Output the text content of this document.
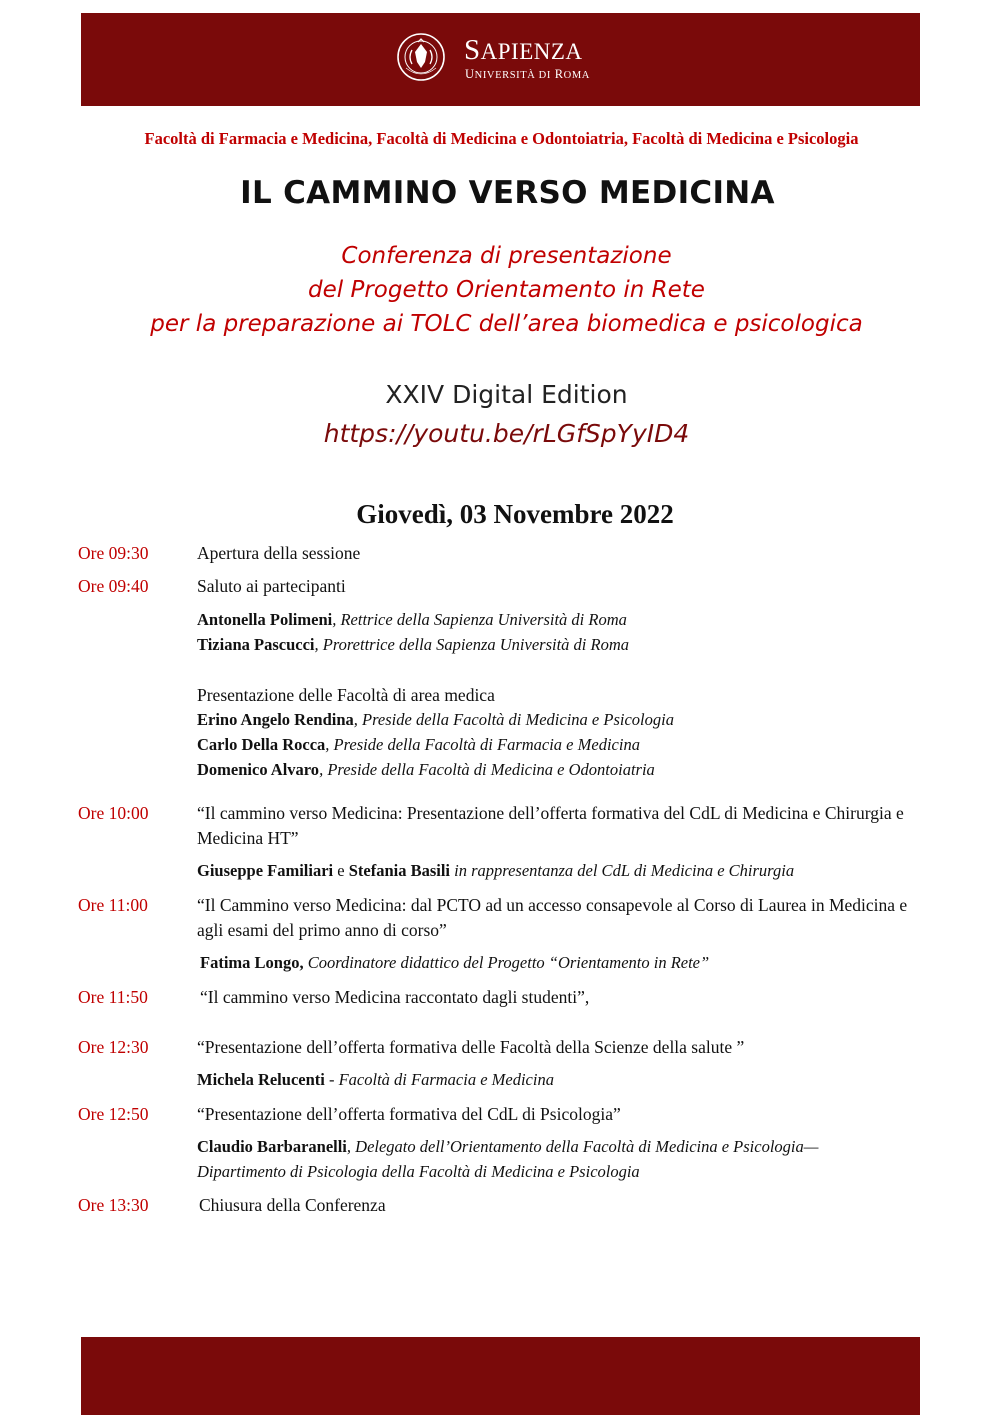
SAPIENZA
UNIVERSITÀ DI ROMA
Facoltà di Farmacia e Medicina, Facoltà di Medicina e Odontoiatria, Facoltà di Medicina e Psicologia
IL CAMMINO VERSO MEDICINA
Conferenza di presentazione
del Progetto Orientamento in Rete
per la preparazione ai TOLC dell’area biomedica e psicologica
XXIV Digital Edition
https://youtu.be/rLGfSpYyID4
Giovedì, 03 Novembre 2022
Ore 09:30	Apertura della sessione
Ore 09:40	Saluto ai partecipanti
Antonella Polimeni, Rettrice della Sapienza Università di Roma
Tiziana Pascucci, Prorettrice della Sapienza Università di Roma
Presentazione delle Facoltà di area medica
Erino Angelo Rendina, Preside della Facoltà di Medicina e Psicologia
Carlo Della Rocca, Preside della Facoltà di Farmacia e Medicina
Domenico Alvaro, Preside della Facoltà di Medicina e Odontoiatria
Ore 10:00	“Il cammino verso Medicina: Presentazione dell’offerta formativa del CdL di Medicina e Chirurgia e Medicina HT”
Giuseppe Familiari e Stefania Basili in rappresentanza del CdL di Medicina e Chirurgia
Ore 11:00	“Il Cammino verso Medicina: dal PCTO ad un accesso consapevole al Corso di Laurea in Medicina e agli esami del primo anno di corso”
Fatima Longo, Coordinatore didattico del Progetto “Orientamento in Rete”
Ore 11:50	“Il cammino verso Medicina raccontato dagli studenti”,
Ore 12:30	“Presentazione dell’offerta formativa delle Facoltà della Scienze della salute ”
Michela Relucenti - Facoltà di Farmacia e Medicina
Ore 12:50	“Presentazione dell’offerta formativa del CdL di Psicologia”
Claudio Barbaranelli, Delegato dell’Orientamento della Facoltà di Medicina e Psicologia—
Dipartimento di Psicologia della Facoltà di Medicina e Psicologia
Ore 13:30	Chiusura della Conferenza
